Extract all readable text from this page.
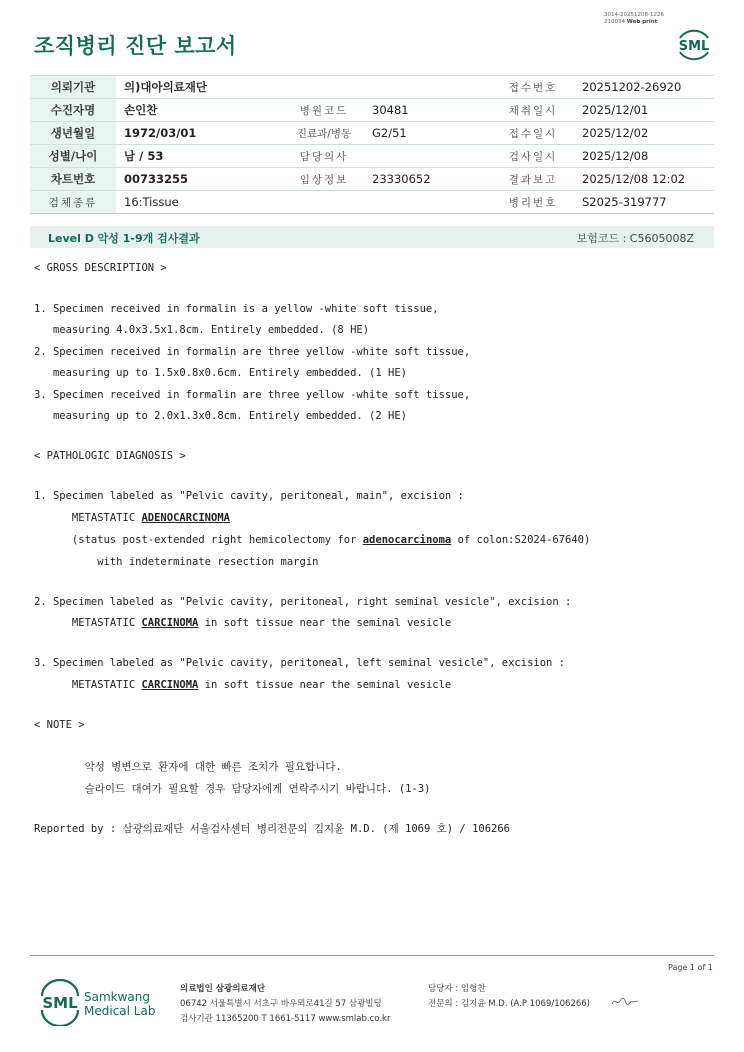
3014-20251208-1226
210034 Web print
조직병리 진단 보고서	SML
의뢰기관	의)대아의료재단			접수번호	20251202-26920
수진자명	손인찬	병원코드	30481	채취일시	2025/12/01
생년월일	1972/03/01	진료과/병동	G2/51	접수일시	2025/12/02
성별/나이	남 / 53	담당의사		검사일시	2025/12/08
차트번호	00733255	임상정보	23330652	결과보고	2025/12/08 12:02
검체종류	16:Tissue			병리번호	S2025-319777
Level D 악성 1-9개 검사결과	보험코드 : C5605008Z
< GROSS DESCRIPTION >
1. Specimen received in formalin is a yellow -white soft tissue,
measuring 4.0x3.5x1.8cm. Entirely embedded. (8 HE)
2. Specimen received in formalin are three yellow -white soft tissue,
measuring up to 1.5x0.8x0.6cm. Entirely embedded. (1 HE)
3. Specimen received in formalin are three yellow -white soft tissue,
measuring up to 2.0x1.3x0.8cm. Entirely embedded. (2 HE)
< PATHOLOGIC DIAGNOSIS >
1. Specimen labeled as "Pelvic cavity, peritoneal, main", excision :
METASTATIC ADENOCARCINOMA
(status post-extended right hemicolectomy for adenocarcinoma of colon:S2024-67640)
with indeterminate resection margin
2. Specimen labeled as "Pelvic cavity, peritoneal, right seminal vesicle", excision :
METASTATIC CARCINOMA in soft tissue near the seminal vesicle
3. Specimen labeled as "Pelvic cavity, peritoneal, left seminal vesicle", excision :
METASTATIC CARCINOMA in soft tissue near the seminal vesicle
< NOTE >
악성 병변으로 환자에 대한 빠른 조치가 필요합니다.
슬라이드 대여가 필요할 경우 담당자에게 연락주시기 바랍니다. (1-3)
Reported by : 삼광의료재단 서울검사센터 병리전문의 김지윤 M.D. (제 1069 호) / 106266
Page 1 of 1
SML Samkwang
Medical Lab
의료법인 삼광의료재단
06742 서울특별시 서초구 바우뫼로41길 57 삼광빌딩
검사기관 11365200 T 1661-5117 www.smlab.co.kr
담당자 : 임형찬
전문의 : 김지윤 M.D. (A.P 1069/106266)
